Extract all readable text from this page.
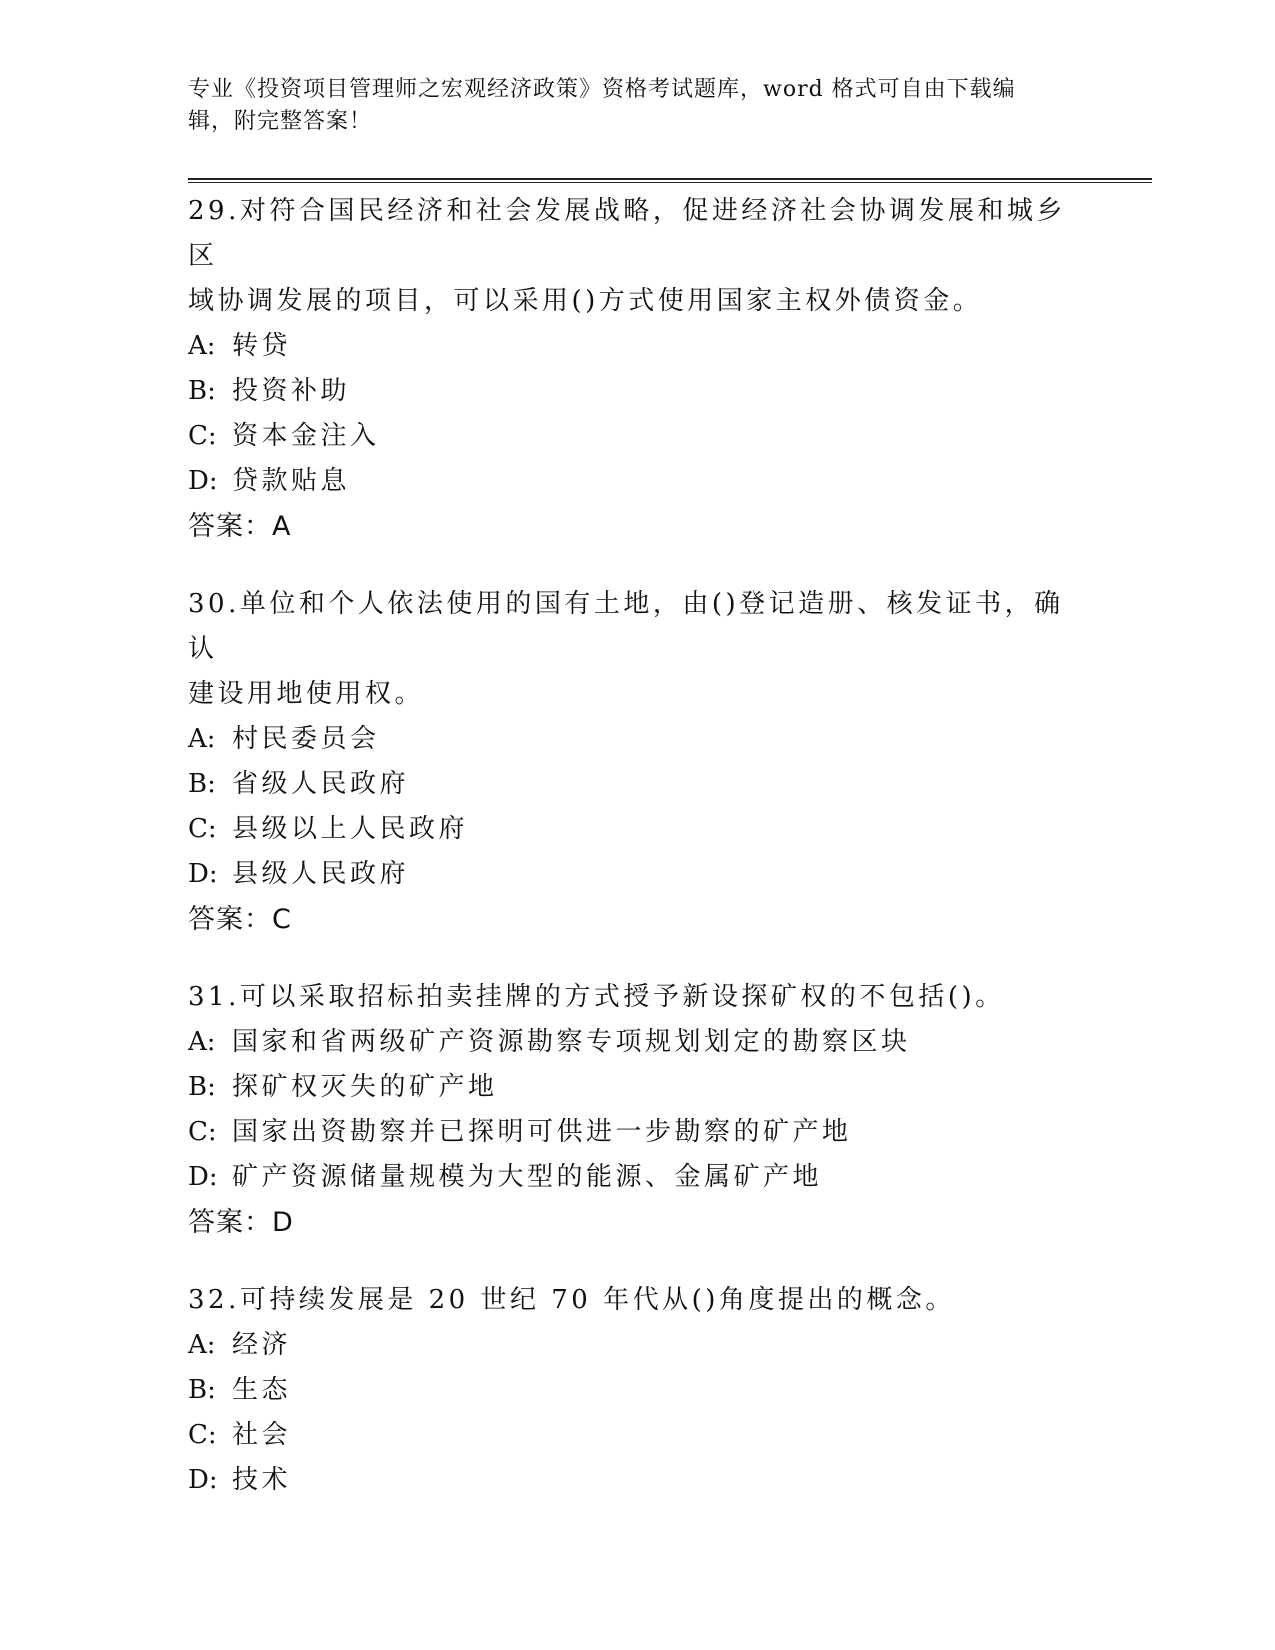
专业《投资项目管理师之宏观经济政策》资格考试题库，word 格式可自由下载编
辑，附完整答案！
29.对符合国民经济和社会发展战略，促进经济社会协调发展和城乡区
域协调发展的项目，可以采用()方式使用国家主权外债资金。
A: 转贷
B: 投资补助
C: 资本金注入
D: 贷款贴息
答案：A
30.单位和个人依法使用的国有土地，由()登记造册、核发证书，确认
建设用地使用权。
A: 村民委员会
B: 省级人民政府
C: 县级以上人民政府
D: 县级人民政府
答案：C
31.可以采取招标拍卖挂牌的方式授予新设探矿权的不包括()。
A: 国家和省两级矿产资源勘察专项规划划定的勘察区块
B: 探矿权灭失的矿产地
C: 国家出资勘察并已探明可供进一步勘察的矿产地
D: 矿产资源储量规模为大型的能源、金属矿产地
答案：D
32.可持续发展是 20 世纪 70 年代从()角度提出的概念。
A: 经济
B: 生态
C: 社会
D: 技术
